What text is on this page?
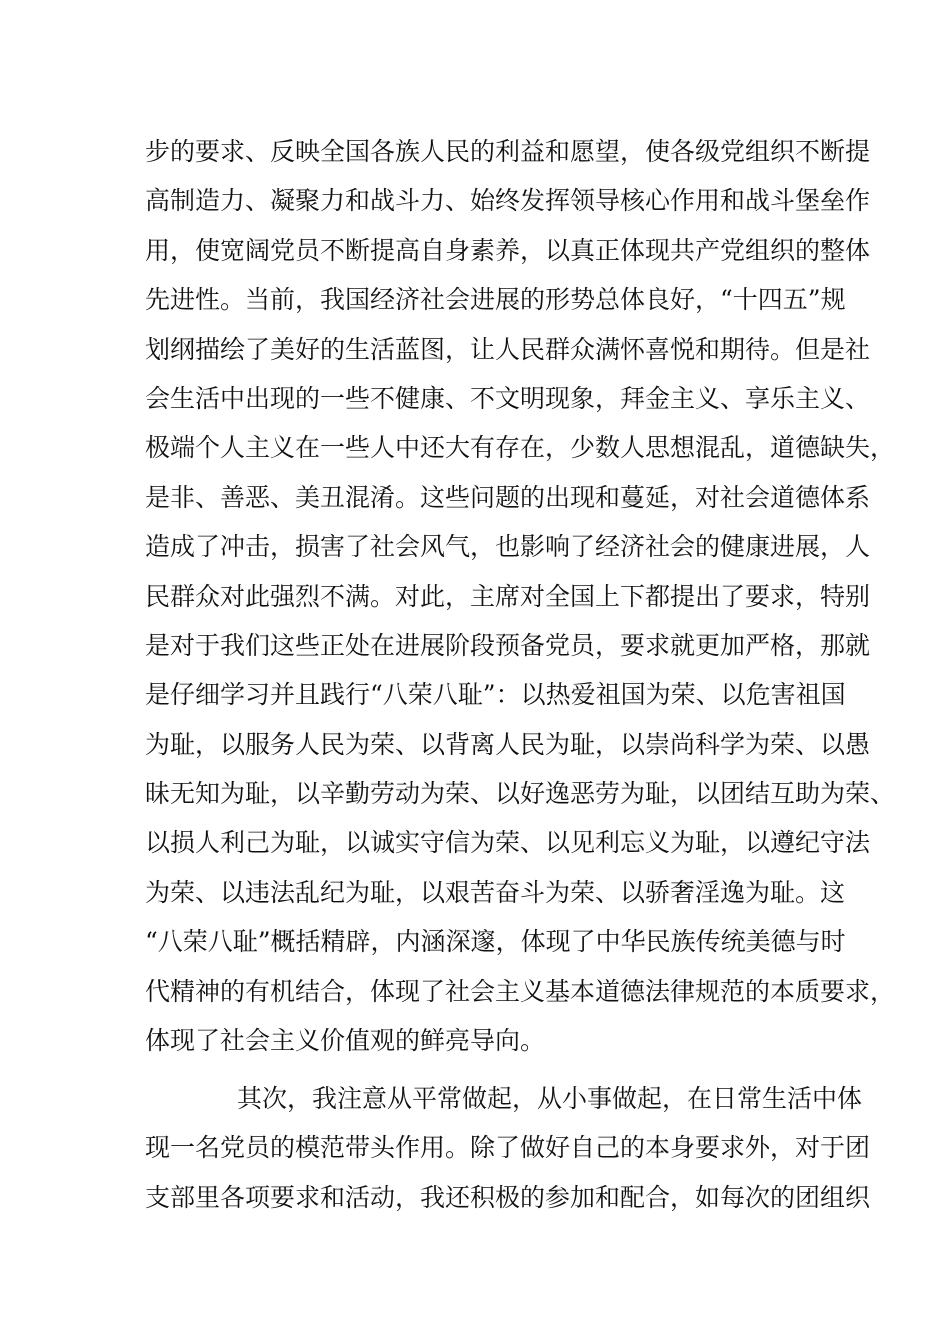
步的要求、反映全国各族人民的利益和愿望，使各级党组织不断提
高制造力、凝聚力和战斗力、始终发挥领导核心作用和战斗堡垒作
用，使宽阔党员不断提高自身素养，以真正体现共产党组织的整体
先进性。当前，我国经济社会进展的形势总体良好，“十四五”规
划纲描绘了美好的生活蓝图，让人民群众满怀喜悦和期待。但是社
会生活中出现的一些不健康、不文明现象，拜金主义、享乐主义、
极端个人主义在一些人中还大有存在，少数人思想混乱，道德缺失，
是非、善恶、美丑混淆。这些问题的出现和蔓延，对社会道德体系
造成了冲击，损害了社会风气，也影响了经济社会的健康进展，人
民群众对此强烈不满。对此，主席对全国上下都提出了要求，特别
是对于我们这些正处在进展阶段预备党员，要求就更加严格，那就
是仔细学习并且践行“八荣八耻”：以热爱祖国为荣、以危害祖国
为耻，以服务人民为荣、以背离人民为耻，以崇尚科学为荣、以愚
昧无知为耻，以辛勤劳动为荣、以好逸恶劳为耻，以团结互助为荣、
以损人利己为耻，以诚实守信为荣、以见利忘义为耻，以遵纪守法
为荣、以违法乱纪为耻，以艰苦奋斗为荣、以骄奢淫逸为耻。这
“八荣八耻”概括精辟，内涵深邃，体现了中华民族传统美德与时
代精神的有机结合，体现了社会主义基本道德法律规范的本质要求，
体现了社会主义价值观的鲜亮导向。
其次，我注意从平常做起，从小事做起，在日常生活中体
现一名党员的模范带头作用。除了做好自己的本身要求外，对于团
支部里各项要求和活动，我还积极的参加和配合，如每次的团组织
